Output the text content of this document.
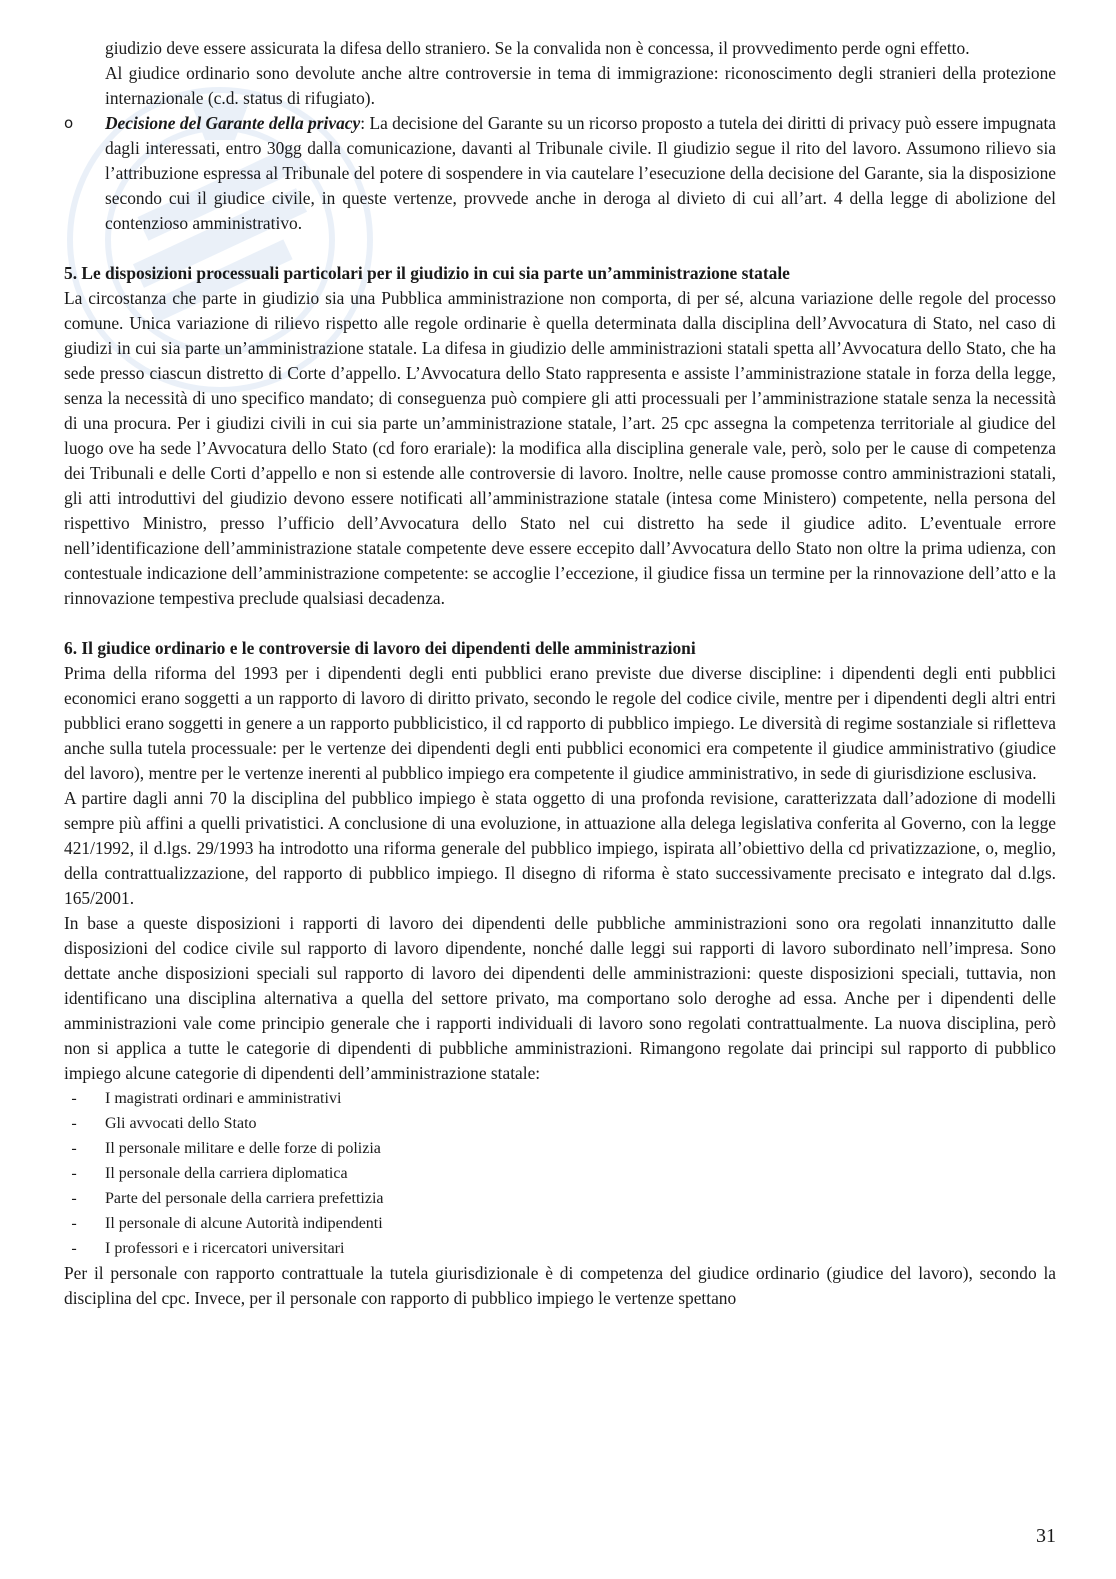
giudizio deve essere assicurata la difesa dello straniero. Se la convalida non è concessa, il provvedimento perde ogni effetto.

Al giudice ordinario sono devolute anche altre controversie in tema di immigrazione: riconoscimento degli stranieri della protezione internazionale (c.d. status di rifugiato).

o Decisione del Garante della privacy: La decisione del Garante su un ricorso proposto a tutela dei diritti di privacy può essere impugnata dagli interessati, entro 30gg dalla comunicazione, davanti al Tribunale civile. Il giudizio segue il rito del lavoro. Assumono rilievo sia l’attribuzione espressa al Tribunale del potere di sospendere in via cautelare l’esecuzione della decisione del Garante, sia la disposizione secondo cui il giudice civile, in queste vertenze, provvede anche in deroga al divieto di cui all’art. 4 della legge di abolizione del contenzioso amministrativo.
5. Le disposizioni processuali particolari per il giudizio in cui sia parte un’amministrazione statale

La circostanza che parte in giudizio sia una Pubblica amministrazione non comporta, di per sé, alcuna variazione delle regole del processo comune. Unica variazione di rilievo rispetto alle regole ordinarie è quella determinata dalla disciplina dell’Avvocatura di Stato, nel caso di giudizi in cui sia parte un’amministrazione statale. La difesa in giudizio delle amministrazioni statali spetta all’Avvocatura dello Stato, che ha sede presso ciascun distretto di Corte d’appello. L’Avvocatura dello Stato rappresenta e assiste l’amministrazione statale in forza della legge, senza la necessità di uno specifico mandato; di conseguenza può compiere gli atti processuali per l’amministrazione statale senza la necessità di una procura. Per i giudizi civili in cui sia parte un’amministrazione statale, l’art. 25 cpc assegna la competenza territoriale al giudice del luogo ove ha sede l’Avvocatura dello Stato (cd foro erariale): la modifica alla disciplina generale vale, però, solo per le cause di competenza dei Tribunali e delle Corti d’appello e non si estende alle controversie di lavoro. Inoltre, nelle cause promosse contro amministrazioni statali, gli atti introduttivi del giudizio devono essere notificati all’amministrazione statale (intesa come Ministero) competente, nella persona del rispettivo Ministro, presso l’ufficio dell’Avvocatura dello Stato nel cui distretto ha sede il giudice adito. L’eventuale errore nell’identificazione dell’amministrazione statale competente deve essere eccepito dall’Avvocatura dello Stato non oltre la prima udienza, con contestuale indicazione dell’amministrazione competente: se accoglie l’eccezione, il giudice fissa un termine per la rinnovazione dell’atto e la rinnovazione tempestiva preclude qualsiasi decadenza.

6. Il giudice ordinario e le controversie di lavoro dei dipendenti delle amministrazioni

Prima della riforma del 1993 per i dipendenti degli enti pubblici erano previste due diverse discipline: i dipendenti degli enti pubblici economici erano soggetti a un rapporto di lavoro di diritto privato, secondo le regole del codice civile, mentre per i dipendenti degli altri entri pubblici erano soggetti in genere a un rapporto pubblicistico, il cd rapporto di pubblico impiego. Le diversità di regime sostanziale si rifletteva anche sulla tutela processuale: per le vertenze dei dipendenti degli enti pubblici economici era competente il giudice amministrativo (giudice del lavoro), mentre per le vertenze inerenti al pubblico impiego era competente il giudice amministrativo, in sede di giurisdizione esclusiva.

A partire dagli anni 70 la disciplina del pubblico impiego è stata oggetto di una profonda revisione, caratterizzata dall’adozione di modelli sempre più affini a quelli privatistici. A conclusione di una evoluzione, in attuazione alla delega legislativa conferita al Governo, con la legge 421/1992, il d.lgs. 29/1993 ha introdotto una riforma generale del pubblico impiego, ispirata all’obiettivo della cd privatizzazione, o, meglio, della contrattualizzazione, del rapporto di pubblico impiego. Il disegno di riforma è stato successivamente precisato e integrato dal d.lgs. 165/2001.

In base a queste disposizioni i rapporti di lavoro dei dipendenti delle pubbliche amministrazioni sono ora regolati innanzitutto dalle disposizioni del codice civile sul rapporto di lavoro dipendente, nonché dalle leggi sui rapporti di lavoro subordinato nell’impresa. Sono dettate anche disposizioni speciali sul rapporto di lavoro dei dipendenti delle amministrazioni: queste disposizioni speciali, tuttavia, non identificano una disciplina alternativa a quella del settore privato, ma comportano solo deroghe ad essa. Anche per i dipendenti delle amministrazioni vale come principio generale che i rapporti individuali di lavoro sono regolati contrattualmente. La nuova disciplina, però non si applica a tutte le categorie di dipendenti di pubbliche amministrazioni. Rimangono regolate dai principi sul rapporto di pubblico impiego alcune categorie di dipendenti dell’amministrazione statale:

-	I magistrati ordinari e amministrativi
-	Gli avvocati dello Stato
-	Il personale militare e delle forze di polizia
-	Il personale della carriera diplomatica
-	Parte del personale della carriera prefettizia
-	Il personale di alcune Autorità indipendenti
-	I professori e i ricercatori universitari

Per il personale con rapporto contrattuale la tutela giurisdizionale è di competenza del giudice ordinario (giudice del lavoro), secondo la disciplina del cpc. Invece, per il personale con rapporto di pubblico impiego le vertenze spettano

31
